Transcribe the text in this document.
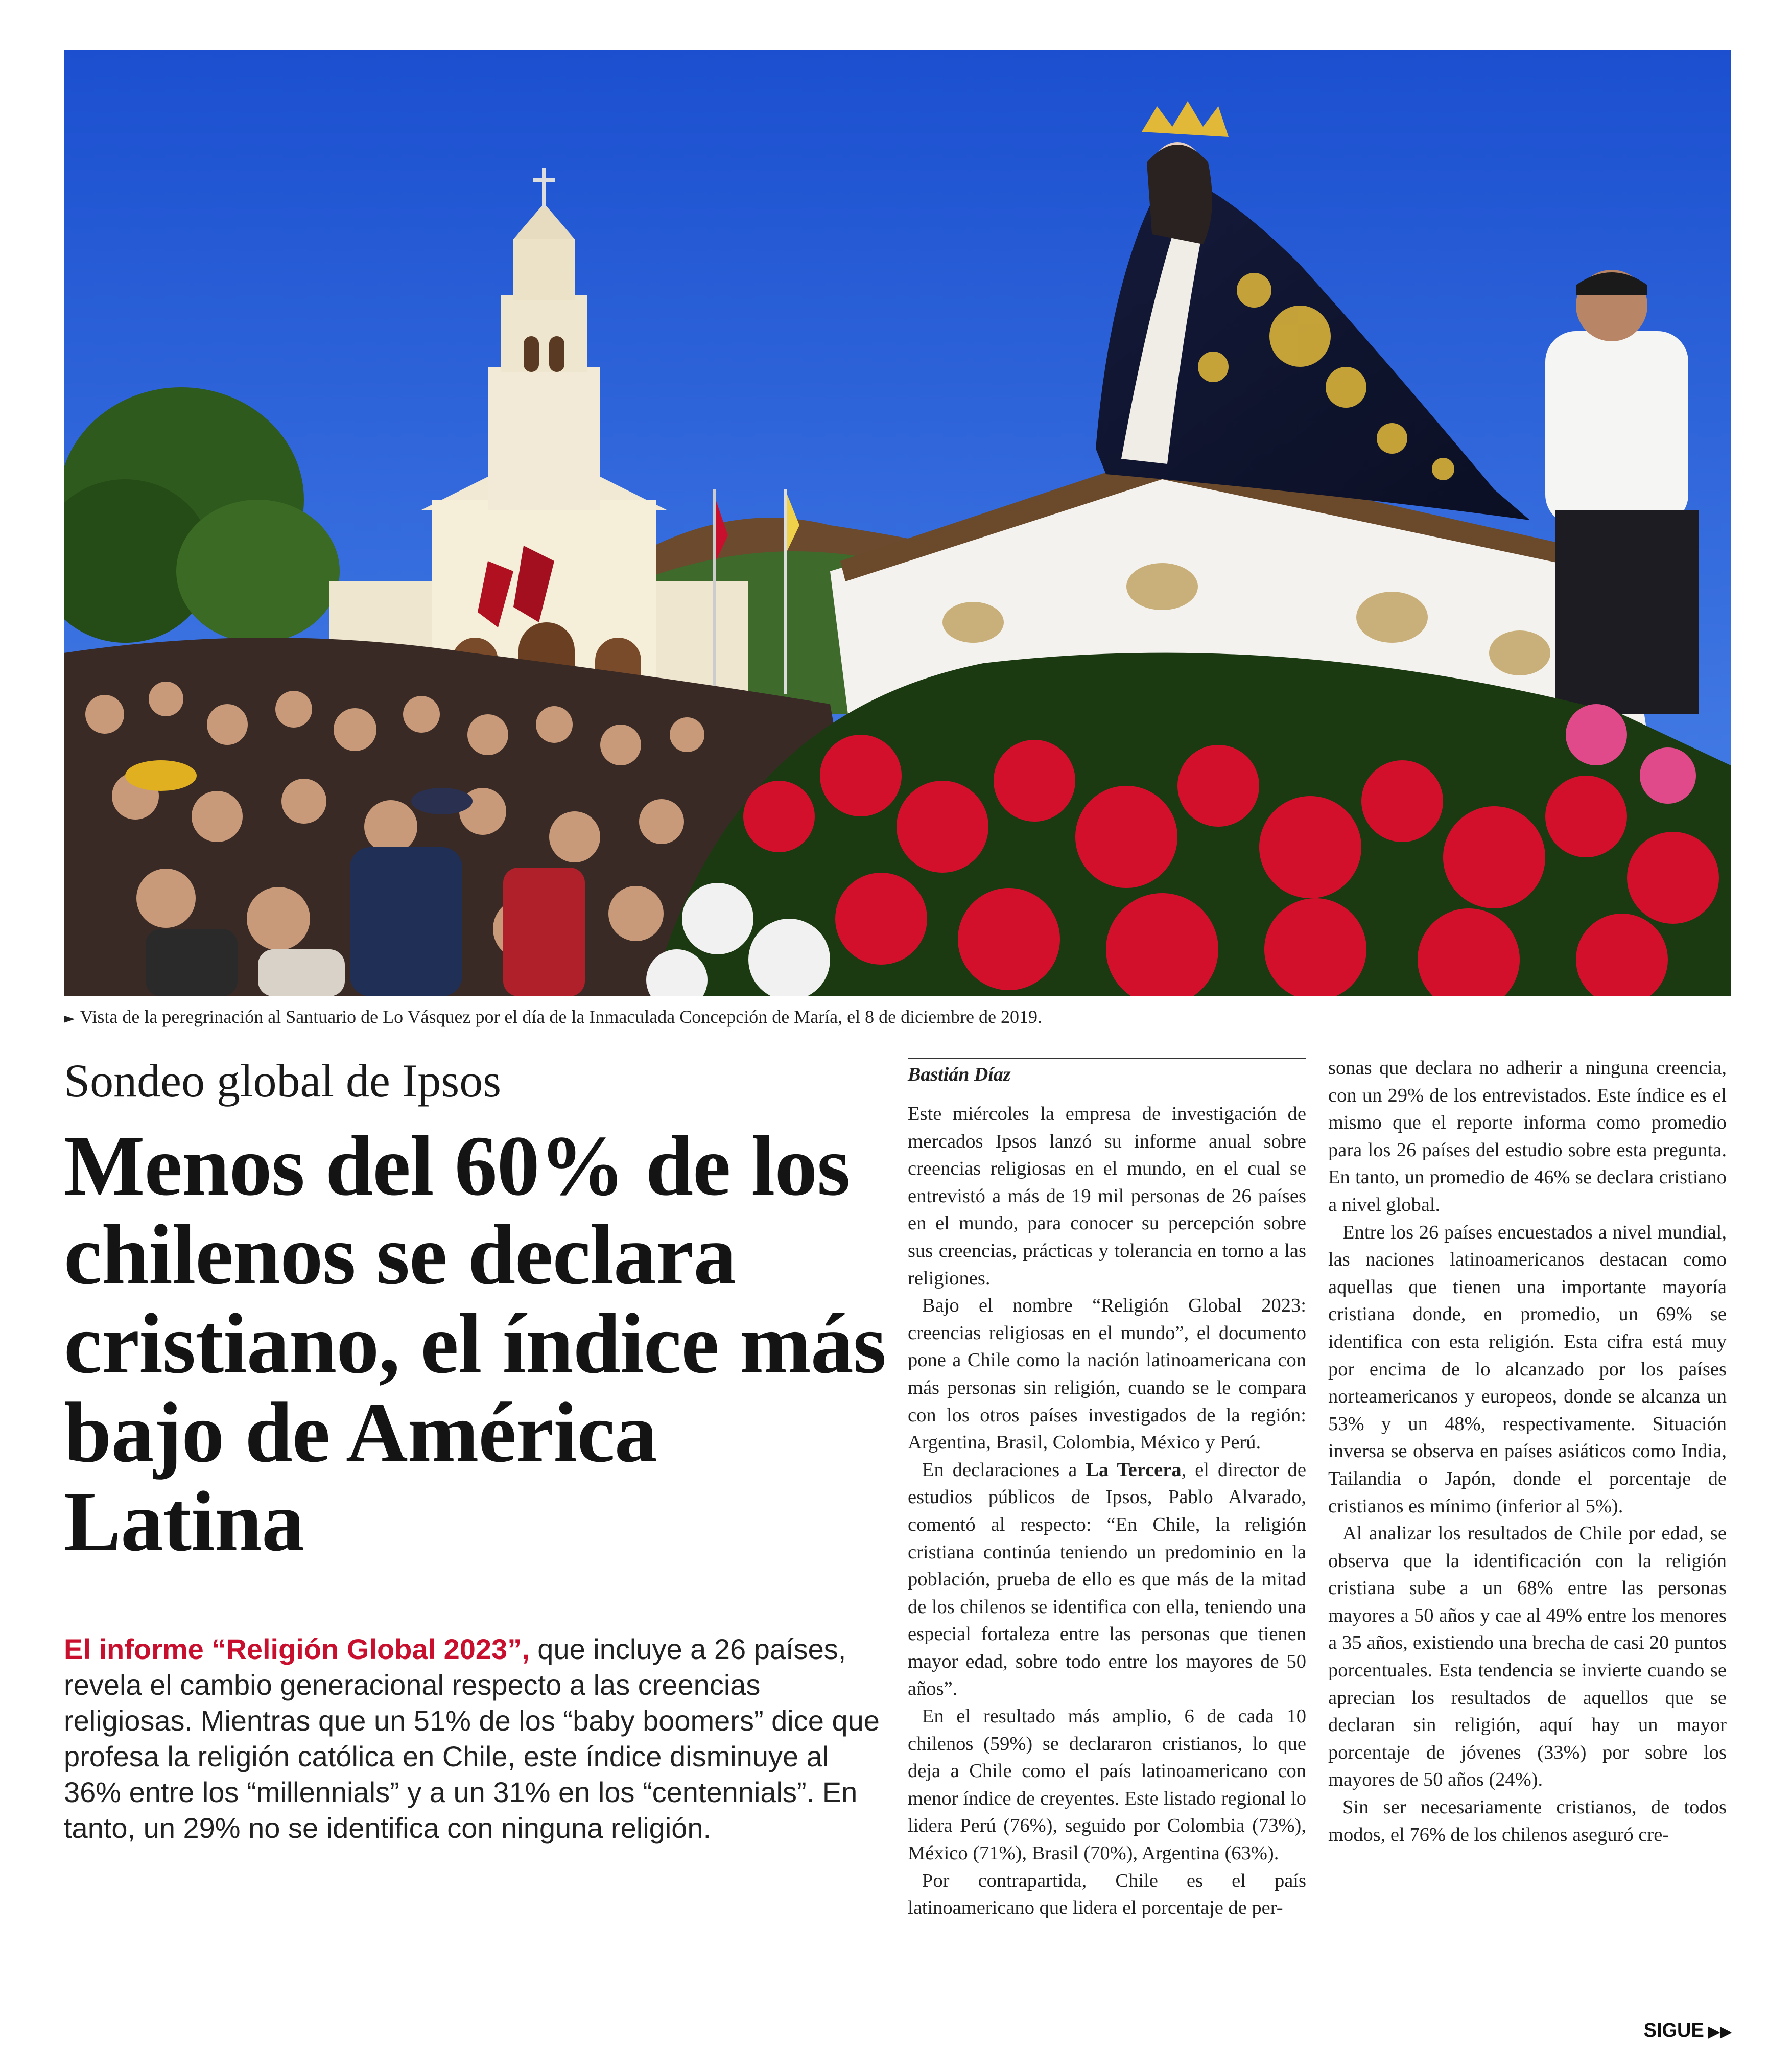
► Vista de la peregrinación al Santuario de Lo Vásquez por el día de la Inmaculada Concepción de María, el 8 de diciembre de 2019.
Sondeo global de Ipsos
Menos del 60% de los chilenos se declara cristiano, el índice más bajo de América Latina

El informe “Religión Global 2023”, que incluye a 26 países, revela el cambio generacional respecto a las creencias religiosas. Mientras que un 51% de los “baby boomers” dice que profesa la religión católica en Chile, este índice disminuye al 36% entre los “millennials” y a un 31% en los “centennials”. En tanto, un 29% no se identifica con ninguna religión.

Bastián Díaz

Este miércoles la empresa de investigación de mercados Ipsos lanzó su informe anual sobre creencias religiosas en el mundo, en el cual se entrevistó a más de 19 mil personas de 26 países en el mundo, para conocer su percepción sobre sus creencias, prácticas y tolerancia en torno a las religiones.

Bajo el nombre “Religión Global 2023: creencias religiosas en el mundo”, el documento pone a Chile como la nación latinoamericana con más personas sin religión, cuando se le compara con los otros países investigados de la región: Argentina, Brasil, Colombia, México y Perú.

En declaraciones a La Tercera, el director de estudios públicos de Ipsos, Pablo Alvarado, comentó al respecto: “En Chile, la religión cristiana continúa teniendo un predominio en la población, prueba de ello es que más de la mitad de los chilenos se identifica con ella, teniendo una especial fortaleza entre las personas que tienen mayor edad, sobre todo entre los mayores de 50 años”.

En el resultado más amplio, 6 de cada 10 chilenos (59%) se declararon cristianos, lo que deja a Chile como el país latinoamericano con menor índice de creyentes. Este listado regional lo lidera Perú (76%), seguido por Colombia (73%), México (71%), Brasil (70%), Argentina (63%).

Por contrapartida, Chile es el país latinoamericano que lidera el porcentaje de per-

sonas que declara no adherir a ninguna creencia, con un 29% de los entrevistados. Este índice es el mismo que el reporte informa como promedio para los 26 países del estudio sobre esta pregunta. En tanto, un promedio de 46% se declara cristiano a nivel global.

Entre los 26 países encuestados a nivel mundial, las naciones latinoamericanos destacan como aquellas que tienen una importante mayoría cristiana donde, en promedio, un 69% se identifica con esta religión. Esta cifra está muy por encima de lo alcanzado por los países norteamericanos y europeos, donde se alcanza un 53% y un 48%, respectivamente. Situación inversa se observa en países asiáticos como India, Tailandia o Japón, donde el porcentaje de cristianos es mínimo (inferior al 5%).

Al analizar los resultados de Chile por edad, se observa que la identificación con la religión cristiana sube a un 68% entre las personas mayores a 50 años y cae al 49% entre los menores a 35 años, existiendo una brecha de casi 20 puntos porcentuales. Esta tendencia se invierte cuando se aprecian los resultados de aquellos que se declaran sin religión, aquí hay un mayor porcentaje de jóvenes (33%) por sobre los mayores de 50 años (24%).

Sin ser necesariamente cristianos, de todos modos, el 76% de los chilenos aseguró cre-

SIGUE ▶▶
